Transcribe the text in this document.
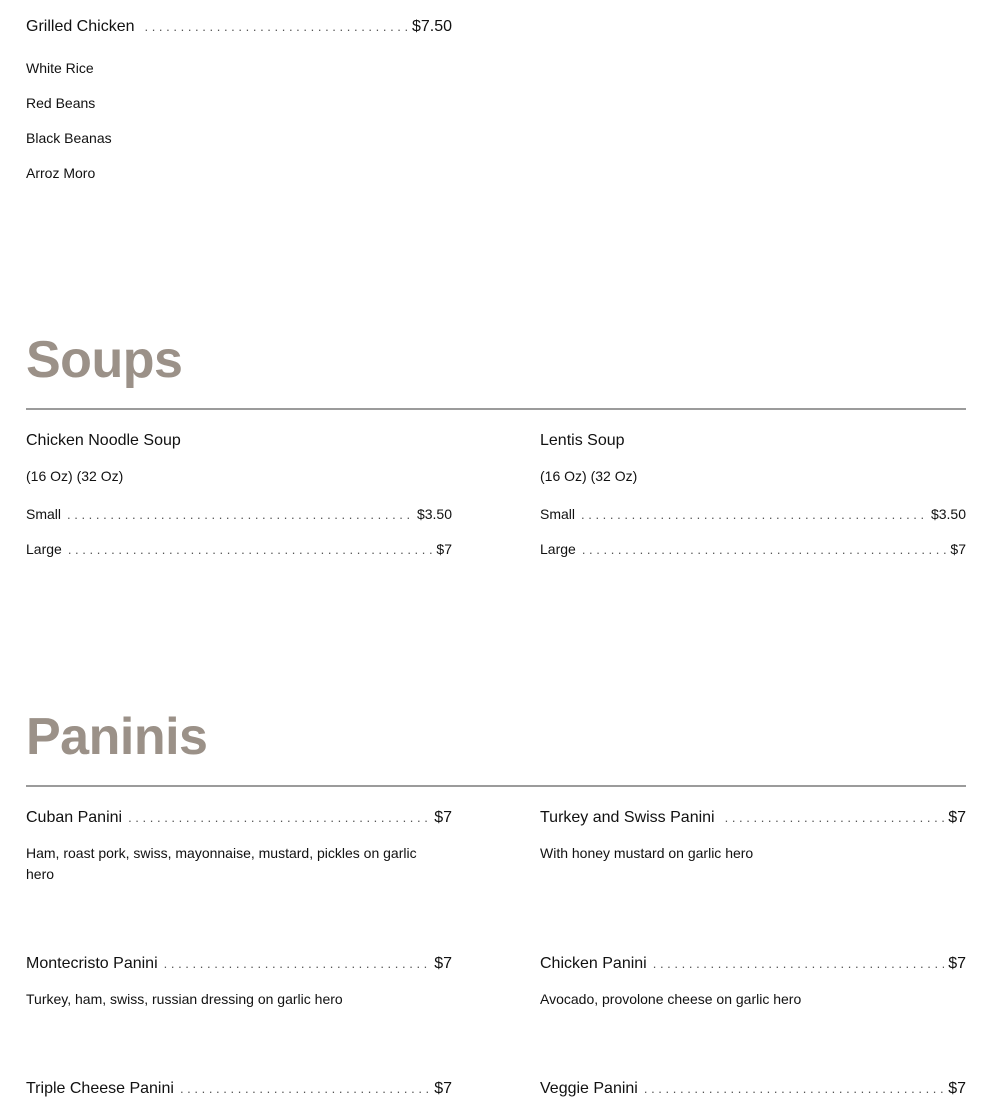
Grilled Chicken . . .	$7.50
White Rice
Red Beans
Black Beanas
Arroz Moro
Soups
Chicken Noodle Soup
(16 Oz) (32 Oz)
Small . . .	$3.50
Large . . .	$7
Lentis Soup
(16 Oz) (32 Oz)
Small . . .	$3.50
Large . . .	$7
Paninis
Cuban Panini . . .	$7
Ham, roast pork, swiss, mayonnaise, mustard, pickles on garlic hero
Turkey and Swiss Panini . . .	$7
With honey mustard on garlic hero
Montecristo Panini . . .	$7
Turkey, ham, swiss, russian dressing on garlic hero
Chicken Panini . . .	$7
Avocado, provolone cheese on garlic hero
Triple Cheese Panini . . .	$7	Veggie Panini . . .	$7
